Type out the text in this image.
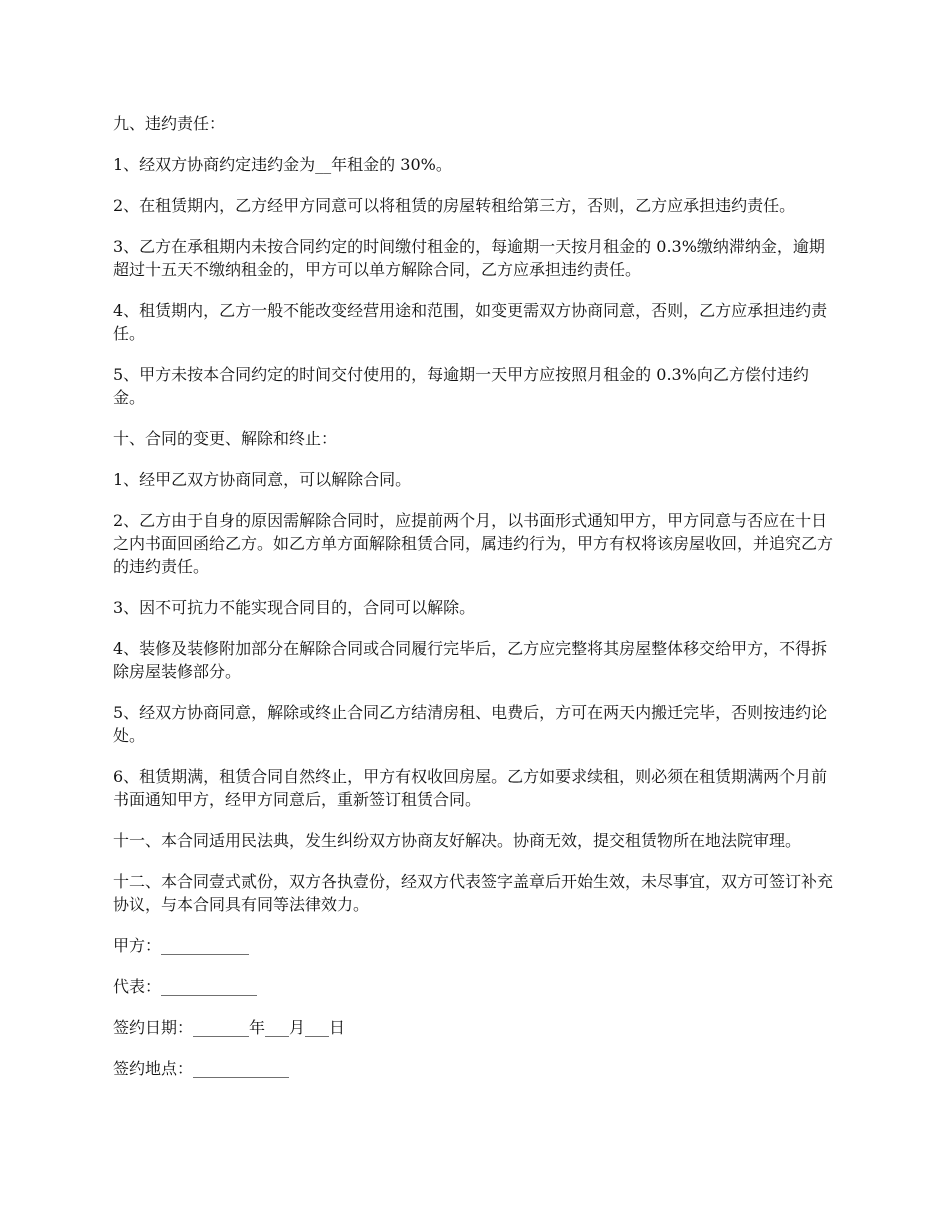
九、违约责任：

1、经双方协商约定违约金为__年租金的 30%。

2、在租赁期内，乙方经甲方同意可以将租赁的房屋转租给第三方，否则，乙方应承担违约责任。

3、乙方在承租期内未按合同约定的时间缴付租金的，每逾期一天按月租金的 0.3%缴纳滞纳金，逾期超过十五天不缴纳租金的，甲方可以单方解除合同，乙方应承担违约责任。

4、租赁期内，乙方一般不能改变经营用途和范围，如变更需双方协商同意，否则，乙方应承担违约责任。

5、甲方未按本合同约定的时间交付使用的，每逾期一天甲方应按照月租金的 0.3%向乙方偿付违约金。

十、合同的变更、解除和终止：

1、经甲乙双方协商同意，可以解除合同。

2、乙方由于自身的原因需解除合同时，应提前两个月，以书面形式通知甲方，甲方同意与否应在十日之内书面回函给乙方。如乙方单方面解除租赁合同，属违约行为，甲方有权将该房屋收回，并追究乙方的违约责任。

3、因不可抗力不能实现合同目的，合同可以解除。

4、装修及装修附加部分在解除合同或合同履行完毕后，乙方应完整将其房屋整体移交给甲方，不得拆除房屋装修部分。

5、经双方协商同意，解除或终止合同乙方结清房租、电费后，方可在两天内搬迁完毕，否则按违约论处。

6、租赁期满，租赁合同自然终止，甲方有权收回房屋。乙方如要求续租，则必须在租赁期满两个月前书面通知甲方，经甲方同意后，重新签订租赁合同。

十一、本合同适用民法典，发生纠纷双方协商友好解决。协商无效，提交租赁物所在地法院审理。

十二、本合同壹式贰份，双方各执壹份，经双方代表签字盖章后开始生效，未尽事宜，双方可签订补充协议，与本合同具有同等法律效力。

甲方：___________

代表：____________

签约日期：_______年___月___日

签约地点：____________
